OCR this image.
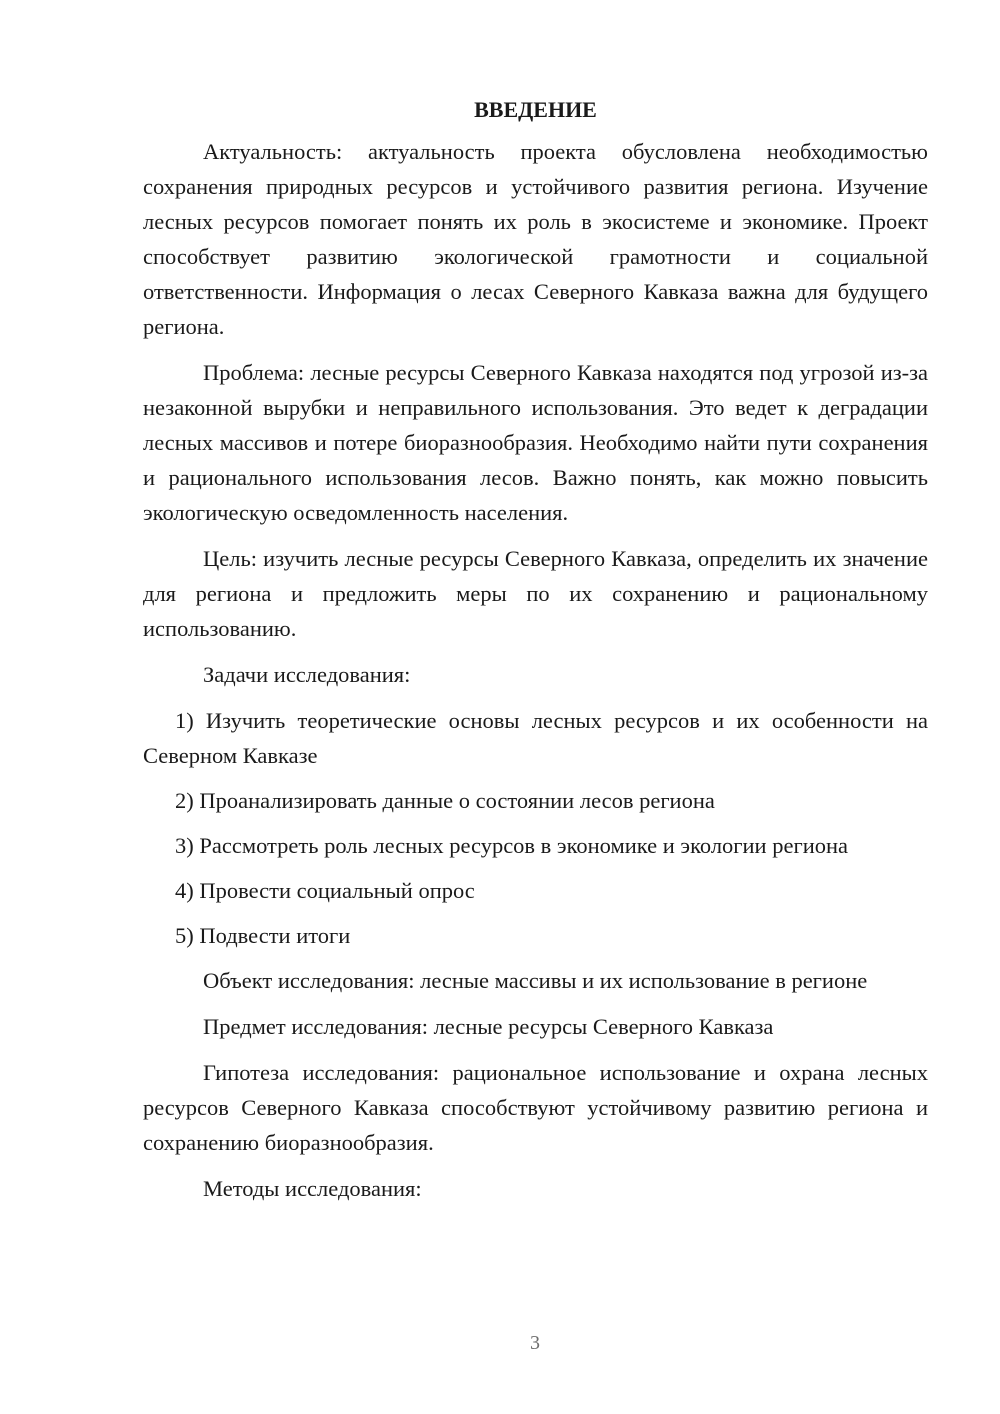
ВВЕДЕНИЕ

Актуальность: актуальность проекта обусловлена необходимостью сохранения природных ресурсов и устойчивого развития региона. Изучение лесных ресурсов помогает понять их роль в экосистеме и экономике. Проект способствует развитию экологической грамотности и социальной ответственности. Информация о лесах Северного Кавказа важна для будущего региона.

Проблема: лесные ресурсы Северного Кавказа находятся под угрозой из-за незаконной вырубки и неправильного использования. Это ведет к деградации лесных массивов и потере биоразнообразия. Необходимо найти пути сохранения и рационального использования лесов. Важно понять, как можно повысить экологическую осведомленность населения.

Цель: изучить лесные ресурсы Северного Кавказа, определить их значение для региона и предложить меры по их сохранению и рациональному использованию.

Задачи исследования:

1) Изучить теоретические основы лесных ресурсов и их особенности на Северном Кавказе

2) Проанализировать данные о состоянии лесов региона

3) Рассмотреть роль лесных ресурсов в экономике и экологии региона

4) Провести социальный опрос

5) Подвести итоги

Объект исследования: лесные массивы и их использование в регионе

Предмет исследования: лесные ресурсы Северного Кавказа

Гипотеза исследования: рациональное использование и охрана лесных ресурсов Северного Кавказа способствуют устойчивому развитию региона и сохранению биоразнообразия.

Методы исследования:

3
